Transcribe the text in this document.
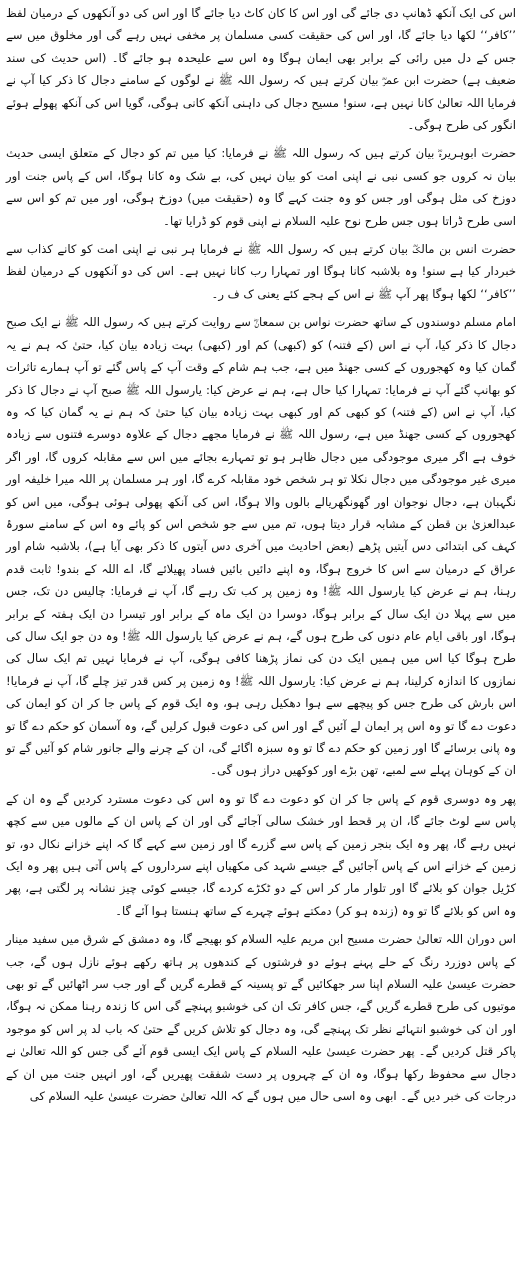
اس کی ایک آنکھ ڈھانپ دی جائے گی اور اس کا کان کاٹ دیا جائے گا اور اس کی دو آنکھوں کے درمیان لفظ ’’کافر‘‘ لکھا دیا جائے گا، اور اس کی حقیقت کسی مسلمان پر مخفی نہیں رہے گی اور مخلوق میں سے جس کے دل میں رائی کے برابر بھی ایمان ہوگا وہ اس سے علیحدہ ہو جائے گا۔ (اس حدیث کی سند ضعیف ہے) حضرت ابن عمرؓ بیان کرتے ہیں کہ رسول اللہ ﷺ نے لوگوں کے سامنے دجال کا ذکر کیا آپ نے فرمایا اللہ تعالیٰ کانا نہیں ہے، سنو! مسیح دجال کی داہنی آنکھ کانی ہوگی، گویا اس کی آنکھ پھولے ہوئے انگور کی طرح ہوگی۔

حضرت ابوہریرہؓ بیان کرتے ہیں کہ رسول اللہ ﷺ نے فرمایا: کیا میں تم کو دجال کے متعلق ایسی حدیث بیان نہ کروں جو کسی نبی نے اپنی امت کو بیان نہیں کی، بے شک وہ کانا ہوگا، اس کے پاس جنت اور دوزخ کی مثل ہوگی اور جس کو وہ جنت کہے گا وہ (حقیقت میں) دوزخ ہوگی، اور میں تم کو اس سے اسی طرح ڈراتا ہوں جس طرح نوح علیہ السلام نے اپنی قوم کو ڈرایا تھا۔

حضرت انس بن مالکؓ بیان کرتے ہیں کہ رسول اللہ ﷺ نے فرمایا ہر نبی نے اپنی امت کو کانے کذاب سے خبردار کیا ہے سنو! وہ بلاشبہ کانا ہوگا اور تمہارا رب کانا نہیں ہے۔ اس کی دو آنکھوں کے درمیان لفظ ’’کافر‘‘ لکھا ہوگا پھر آپ ﷺ نے اس کے ہجے کئے یعنی ک ف ر۔

امام مسلم دوسندوں کے ساتھ حضرت نواس بن سمعانؓ سے روایت کرتے ہیں کہ رسول اللہ ﷺ نے ایک صبح دجال کا ذکر کیا، آپ نے اس (کے فتنہ) کو (کبھی) کم اور (کبھی) بہت زیادہ بیان کیا، حتیٰ کہ ہم نے یہ گمان کیا وہ کھجوروں کے کسی جھنڈ میں ہے، جب ہم شام کے وقت آپ کے پاس گئے تو آپ ہمارے تاثرات کو بھانپ گئے آپ نے فرمایا: تمہارا کیا حال ہے، ہم نے عرض کیا: یارسول اللہ ﷺ صبح آپ نے دجال کا ذکر کیا، آپ نے اس (کے فتنہ) کو کبھی کم اور کبھی بہت زیادہ بیان کیا حتیٰ کہ ہم نے یہ گمان کیا کہ وہ کھجوروں کے کسی جھنڈ میں ہے، رسول اللہ ﷺ نے فرمایا مجھے دجال کے علاوہ دوسرے فتنوں سے زیادہ خوف ہے اگر میری موجودگی میں دجال ظاہر ہو تو تمہارے بجائے میں اس سے مقابلہ کروں گا، اور اگر میری غیر موجودگی میں دجال نکلا تو ہر شخص خود مقابلہ کرے گا، اور ہر مسلمان پر اللہ میرا خلیفہ اور نگہبان ہے، دجال نوجوان اور گھونگھریالے بالوں والا ہوگا، اس کی آنکھ پھولی ہوئی ہوگی، میں اس کو عبدالعزیٰ بن قطن کے مشابہ قرار دیتا ہوں، تم میں سے جو شخص اس کو پائے وہ اس کے سامنے سورۂ کہف کی ابتدائی دس آیتیں پڑھے (بعض احادیث میں آخری دس آیتوں کا ذکر بھی آیا ہے)، بلاشبہ شام اور عراق کے درمیان سے اس کا خروج ہوگا، وہ اپنے دائیں بائیں فساد پھیلائے گا، اے اللہ کے بندو! ثابت قدم رہنا، ہم نے عرض کیا یارسول اللہ ﷺ! وہ زمین پر کب تک رہے گا، آپ نے فرمایا: چالیس دن تک، جس میں سے پہلا دن ایک سال کے برابر ہوگا، دوسرا دن ایک ماہ کے برابر اور تیسرا دن ایک ہفتہ کے برابر ہوگا، اور باقی ایام عام دنوں کی طرح ہوں گے، ہم نے عرض کیا یارسول اللہ ﷺ! وہ دن جو ایک سال کی طرح ہوگا کیا اس میں ہمیں ایک دن کی نماز پڑھنا کافی ہوگی، آپ نے فرمایا نہیں تم ایک سال کی نمازوں کا اندازہ کرلینا، ہم نے عرض کیا: یارسول اللہ ﷺ! وہ زمین پر کس قدر تیز چلے گا، آپ نے فرمایا! اس بارش کی طرح جس کو پیچھے سے ہوا دھکیل رہی ہو، وہ ایک قوم کے پاس جا کر ان کو ایمان کی دعوت دے گا تو وہ اس پر ایمان لے آئیں گے اور اس کی دعوت قبول کرلیں گے، وہ آسمان کو حکم دے گا تو وہ پانی برسائے گا اور زمین کو حکم دے گا تو وہ سبزہ اگائے گی، ان کے چرنے والے جانور شام کو آئیں گے تو ان کے کوہان پہلے سے لمبے، تھن بڑے اور کوکھیں دراز ہوں گی۔

پھر وہ دوسری قوم کے پاس جا کر ان کو دعوت دے گا تو وہ اس کی دعوت مسترد کردیں گے وہ ان کے پاس سے لوٹ جائے گا، ان پر قحط اور خشک سالی آجائے گی اور ان کے پاس ان کے مالوں میں سے کچھ نہیں رہے گا، پھر وہ ایک بنجر زمین کے پاس سے گزرے گا اور زمین سے کہے گا کہ اپنے خزانے نکال دو، تو زمین کے خزانے اس کے پاس آجائیں گے جیسے شہد کی مکھیاں اپنے سرداروں کے پاس آتی ہیں پھر وہ ایک کڑیل جوان کو بلائے گا اور تلوار مار کر اس کے دو ٹکڑے کردے گا، جیسے کوئی چیز نشانہ پر لگتی ہے، پھر وہ اس کو بلائے گا تو وہ (زندہ ہو کر) دمکتے ہوئے چہرے کے ساتھ ہنستا ہوا آئے گا۔

اس دوران اللہ تعالیٰ حضرت مسیح ابن مریم علیہ السلام کو بھیجے گا، وہ دمشق کے شرق میں سفید مینار کے پاس دوزرد رنگ کے حلے پہنے ہوئے دو فرشتوں کے کندھوں پر ہاتھ رکھے ہوئے نازل ہوں گے، جب حضرت عیسیٰ علیہ السلام اپنا سر جھکائیں گے تو پسینہ کے قطرے گریں گے اور جب سر اٹھائیں گے تو بھی موتیوں کی طرح قطرے گریں گے، جس کافر تک ان کی خوشبو پہنچے گی اس کا زندہ رہنا ممکن نہ ہوگا، اور ان کی خوشبو انتہائے نظر تک پہنچے گی، وہ دجال کو تلاش کریں گے حتیٰ کہ باب لد پر اس کو موجود پاکر قتل کردیں گے۔ پھر حضرت عیسیٰ علیہ السلام کے پاس ایک ایسی قوم آئے گی جس کو اللہ تعالیٰ نے دجال سے محفوظ رکھا ہوگا، وہ ان کے چہروں پر دست شفقت پھیریں گے، اور انہیں جنت میں ان کے درجات کی خبر دیں گے۔ ابھی وہ اسی حال میں ہوں گے کہ اللہ تعالیٰ حضرت عیسیٰ علیہ السلام کی
